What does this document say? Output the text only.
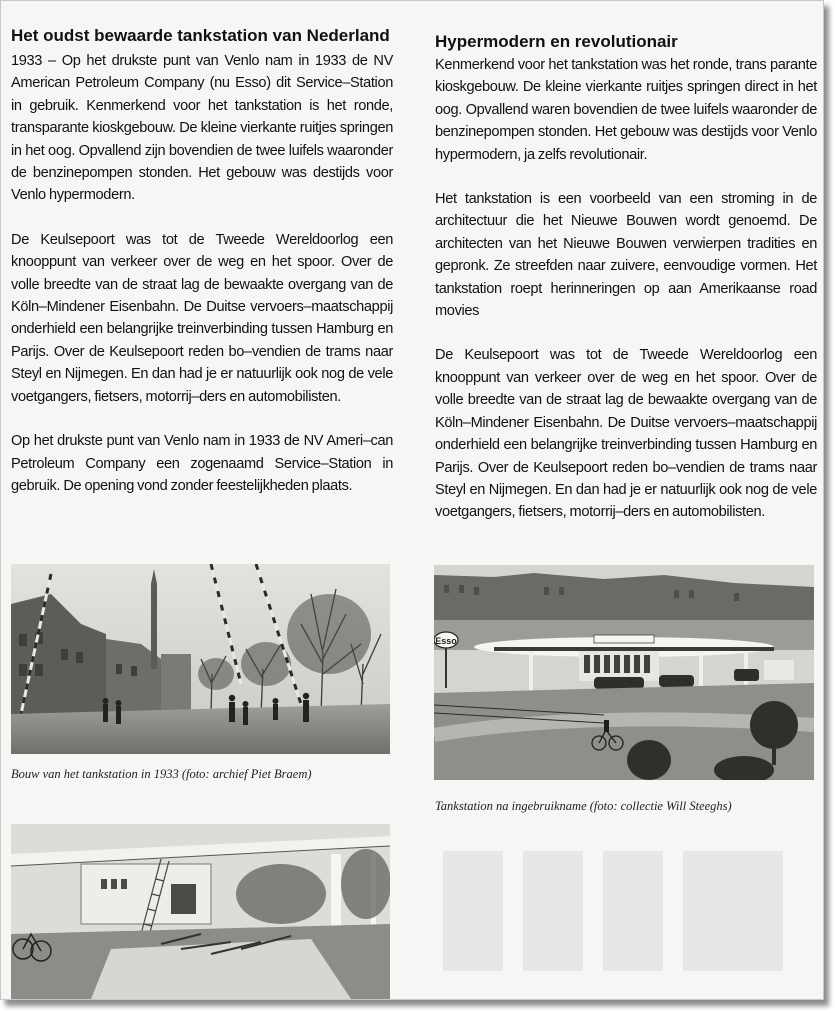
Het oudst bewaarde tankstation van Nederland

1933 – Op het drukste punt van Venlo nam in 1933 de NV American Petroleum Company (nu Esso) dit Service–Station in gebruik. Kenmerkend voor het tankstation is het ronde, transparante kioskgebouw. De kleine vierkante ruitjes springen in het oog. Opvallend zijn bovendien de twee luifels waaronder de benzinepompen stonden. Het gebouw was destijds voor Venlo hypermodern.

De Keulsepoort was tot de Tweede Wereldoorlog een knooppunt van verkeer over de weg en het spoor. Over de volle breedte van de straat lag de bewaakte overgang van de Köln–Mindener Eisenbahn. De Duitse vervoers–maatschappij onderhield een belangrijke treinverbinding tussen Hamburg en Parijs. Over de Keulsepoort reden bo–vendien de trams naar Steyl en Nijmegen. En dan had je er natuurlijk ook nog de vele voetgangers, fietsers, motorrij–ders en automobilisten.

Op het drukste punt van Venlo nam in 1933 de NV Ameri–can Petroleum Company een zogenaamd Service–Station in gebruik. De opening vond zonder feestelijkheden plaats.

Hypermodern en revolutionair

Kenmerkend voor het tankstation was het ronde, trans parante kioskgebouw. De kleine vierkante ruitjes springen direct in het oog. Opvallend waren bovendien de twee luifels waaronder de benzinepompen stonden. Het gebouw was destijds voor Venlo hypermodern, ja zelfs revolutionair.

Het tankstation is een voorbeeld van een stroming in de architectuur die het Nieuwe Bouwen wordt genoemd. De architecten van het Nieuwe Bouwen verwierpen tradities en gepronk. Ze streefden naar zuivere, eenvoudige vormen. Het tankstation roept herinneringen op aan Amerikaanse road movies

De Keulsepoort was tot de Tweede Wereldoorlog een knooppunt van verkeer over de weg en het spoor. Over de volle breedte van de straat lag de bewaakte overgang van de Köln–Mindener Eisenbahn. De Duitse vervoers–maatschappij onderhield een belangrijke treinverbinding tussen Hamburg en Parijs. Over de Keulsepoort reden bo–vendien de trams naar Steyl en Nijmegen. En dan had je er natuurlijk ook nog de vele voetgangers, fietsers, motorrij–ders en automobilisten.

Bouw van het tankstation in 1933 (foto: archief Piet Braem)
Esso
Tankstation na ingebruikname (foto: collectie Will Steeghs)
